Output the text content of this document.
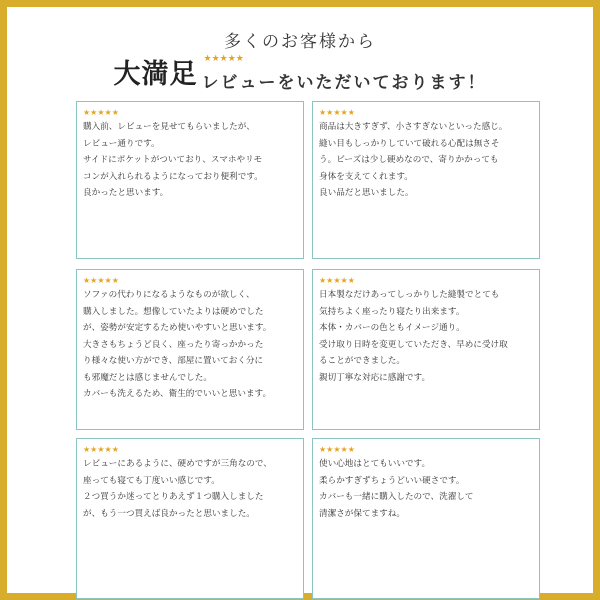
多くのお客様から
大満足 ★★★★★
レビューをいただいております！
★★★★★
購入前、レビューを見せてもらいましたが、
レビュー通りです。
サイドにポケットがついており、スマホやリモ
コンが入れられるようになっており便利です。
良かったと思います。
★★★★★
商品は大きすぎず、小さすぎないといった感じ。
縫い目もしっかりしていて破れる心配は無さそ
う。ビーズは少し硬めなので、寄りかかっても
身体を支えてくれます。
良い品だと思いました。
★★★★★
ソファの代わりになるようなものが欲しく、
購入しました。想像していたよりは硬めでした
が、姿勢が安定するため使いやすいと思います。
大きさもちょうど良く、座ったり寄っかかった
り様々な使い方ができ、部屋に置いておく分に
も邪魔だとは感じませんでした。
カバーも洗えるため、衛生的でいいと思います。
★★★★★
日本製なだけあってしっかりした縫製でとても
気持ちよく座ったり寝たり出来ます。
本体・カバーの色ともイメージ通り。
受け取り日時を変更していただき、早めに受け取
ることができました。
親切丁寧な対応に感謝です。
★★★★★
レビューにあるように、硬めですが三角なので、
座っても寝ても丁度いい感じです。
２つ買うか迷ってとりあえず１つ購入しました
が、もう一つ買えば良かったと思いました。
★★★★★
使い心地はとてもいいです。
柔らかすぎずちょうどいい硬さです。
カバーも一緒に購入したので、洗濯して
清潔さが保てますね。
